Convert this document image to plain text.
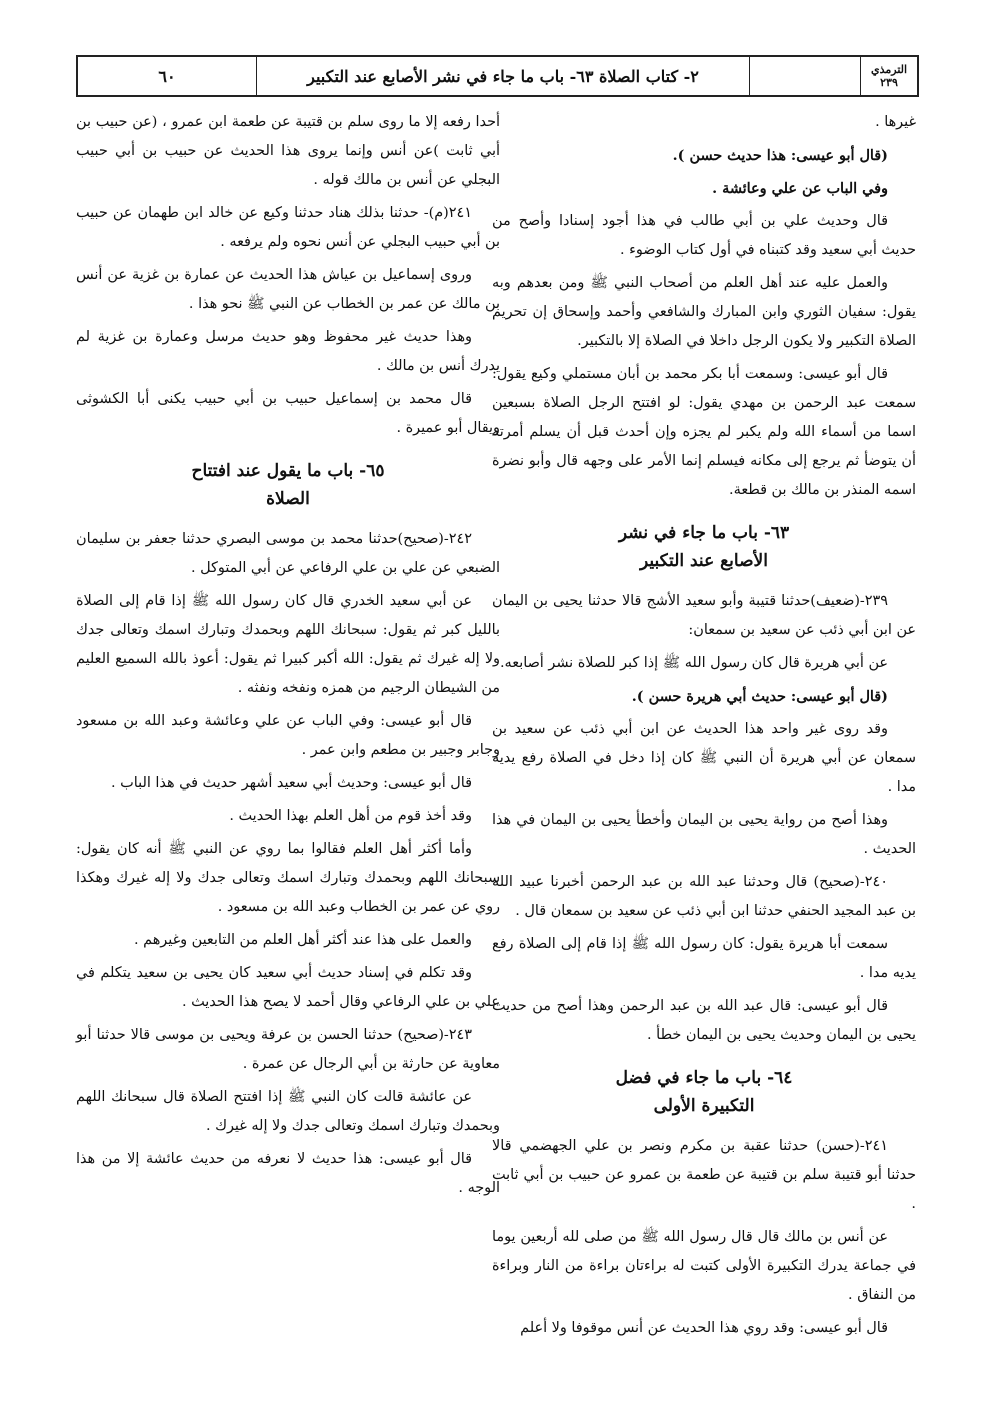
الترمذي
٢٣٩
٢- كتاب الصلاة ٦٣- باب ما جاء في نشر الأصابع عند التكبير
٦٠

غيرها .

(قال أبو عيسى: هذا حديث حسن ).

وفي الباب عن علي وعائشة .

قال وحديث علي بن أبي طالب في هذا أجود إسنادا وأصح من حديث أبي سعيد وقد كتبناه في أول كتاب الوضوء .

والعمل عليه عند أهل العلم من أصحاب النبي ﷺ ومن بعدهم وبه يقول: سفيان الثوري وابن المبارك والشافعي وأحمد وإسحاق إن تحريم الصلاة التكبير ولا يكون الرجل داخلا في الصلاة إلا بالتكبير.

قال أبو عيسى: وسمعت أبا بكر محمد بن أبان مستملي وكيع يقول: سمعت عبد الرحمن بن مهدي يقول: لو افتتح الرجل الصلاة بسبعين اسما من أسماء الله ولم يكبر لم يجزه وإن أحدث قبل أن يسلم أمرته أن يتوضأ ثم يرجع إلى مكانه فيسلم إنما الأمر على وجهه قال وأبو نضرة اسمه المنذر بن مالك بن قطعة.

٦٣- باب ما جاء في نشر
الأصابع عند التكبير

٢٣٩-(ضعيف)حدثنا قتيبة وأبو سعيد الأشج قالا حدثنا يحيى بن اليمان عن ابن أبي ذئب عن سعيد بن سمعان:

عن أبي هريرة قال كان رسول الله ﷺ إذا كبر للصلاة نشر أصابعه.

(قال أبو عيسى: حديث أبي هريرة حسن ).

وقد روى غير واحد هذا الحديث عن ابن أبي ذئب عن سعيد بن سمعان عن أبي هريرة أن النبي ﷺ كان إذا دخل في الصلاة رفع يديه مدا .

وهذا أصح من رواية يحيى بن اليمان وأخطأ يحيى بن اليمان في هذا الحديث .

٢٤٠-(صحيح) قال وحدثنا عبد الله بن عبد الرحمن أخبرنا عبيد الله بن عبد المجيد الحنفي حدثنا ابن أبي ذئب عن سعيد بن سمعان قال .

سمعت أبا هريرة يقول: كان رسول الله ﷺ إذا قام إلى الصلاة رفع يديه مدا .

قال أبو عيسى: قال عبد الله بن عبد الرحمن وهذا أصح من حديث يحيى بن اليمان وحديث يحيى بن اليمان خطأ .

٦٤- باب ما جاء في فضل
التكبيرة الأولى

٢٤١-(حسن) حدثنا عقبة بن مكرم ونصر بن علي الجهضمي قالا حدثنا أبو قتيبة سلم بن قتيبة عن طعمة بن عمرو عن حبيب بن أبي ثابت .

عن أنس بن مالك قال قال رسول الله ﷺ من صلى لله أربعين يوما في جماعة يدرك التكبيرة الأولى كتبت له براءتان براءة من النار وبراءة من النفاق .

قال أبو عيسى: وقد روي هذا الحديث عن أنس موقوفا ولا أعلم

أحدا رفعه إلا ما روى سلم بن قتيبة عن طعمة ابن عمرو ، (عن حبيب بن أبي ثابت )عن أنس وإنما يروى هذا الحديث عن حبيب بن أبي حبيب البجلي عن أنس بن مالك قوله .

٢٤١(م)- حدثنا بذلك هناد حدثنا وكيع عن خالد ابن طهمان عن حبيب بن أبي حبيب البجلي عن أنس نحوه ولم يرفعه .

وروى إسماعيل بن عياش هذا الحديث عن عمارة بن غزية عن أنس بن مالك عن عمر بن الخطاب عن النبي ﷺ نحو هذا .

وهذا حديث غير محفوظ وهو حديث مرسل وعمارة بن غزية لم يدرك أنس بن مالك .

قال محمد بن إسماعيل حبيب بن أبي حبيب يكنى أبا الكشوثى ويقال أبو عميرة .

٦٥- باب ما يقول عند افتتاح
الصلاة

٢٤٢-(صحيح)حدثنا محمد بن موسى البصري حدثنا جعفر بن سليمان الضبعي عن علي بن علي الرفاعي عن أبي المتوكل .

عن أبي سعيد الخدري قال كان رسول الله ﷺ إذا قام إلى الصلاة بالليل كبر ثم يقول: سبحانك اللهم وبحمدك وتبارك اسمك وتعالى جدك ولا إله غيرك ثم يقول: الله أكبر كبيرا ثم يقول: أعوذ بالله السميع العليم من الشيطان الرجيم من همزه ونفخه ونفثه .

قال أبو عيسى: وفي الباب عن علي وعائشة وعبد الله بن مسعود وجابر وجبير بن مطعم وابن عمر .

قال أبو عيسى: وحديث أبي سعيد أشهر حديث في هذا الباب .

وقد أخذ قوم من أهل العلم بهذا الحديث .

وأما أكثر أهل العلم فقالوا بما روي عن النبي ﷺ أنه كان يقول: سبحانك اللهم وبحمدك وتبارك اسمك وتعالى جدك ولا إله غيرك وهكذا روي عن عمر بن الخطاب وعبد الله بن مسعود .

والعمل على هذا عند أكثر أهل العلم من التابعين وغيرهم .

وقد تكلم في إسناد حديث أبي سعيد كان يحيى بن سعيد يتكلم في علي بن علي الرفاعي وقال أحمد لا يصح هذا الحديث .

٢٤٣-(صحيح) حدثنا الحسن بن عرفة ويحيى بن موسى قالا حدثنا أبو معاوية عن حارثة بن أبي الرجال عن عمرة .

عن عائشة قالت كان النبي ﷺ إذا افتتح الصلاة قال سبحانك اللهم وبحمدك وتبارك اسمك وتعالى جدك ولا إله غيرك .

قال أبو عيسى: هذا حديث لا نعرفه من حديث عائشة إلا من هذا الوجه .
